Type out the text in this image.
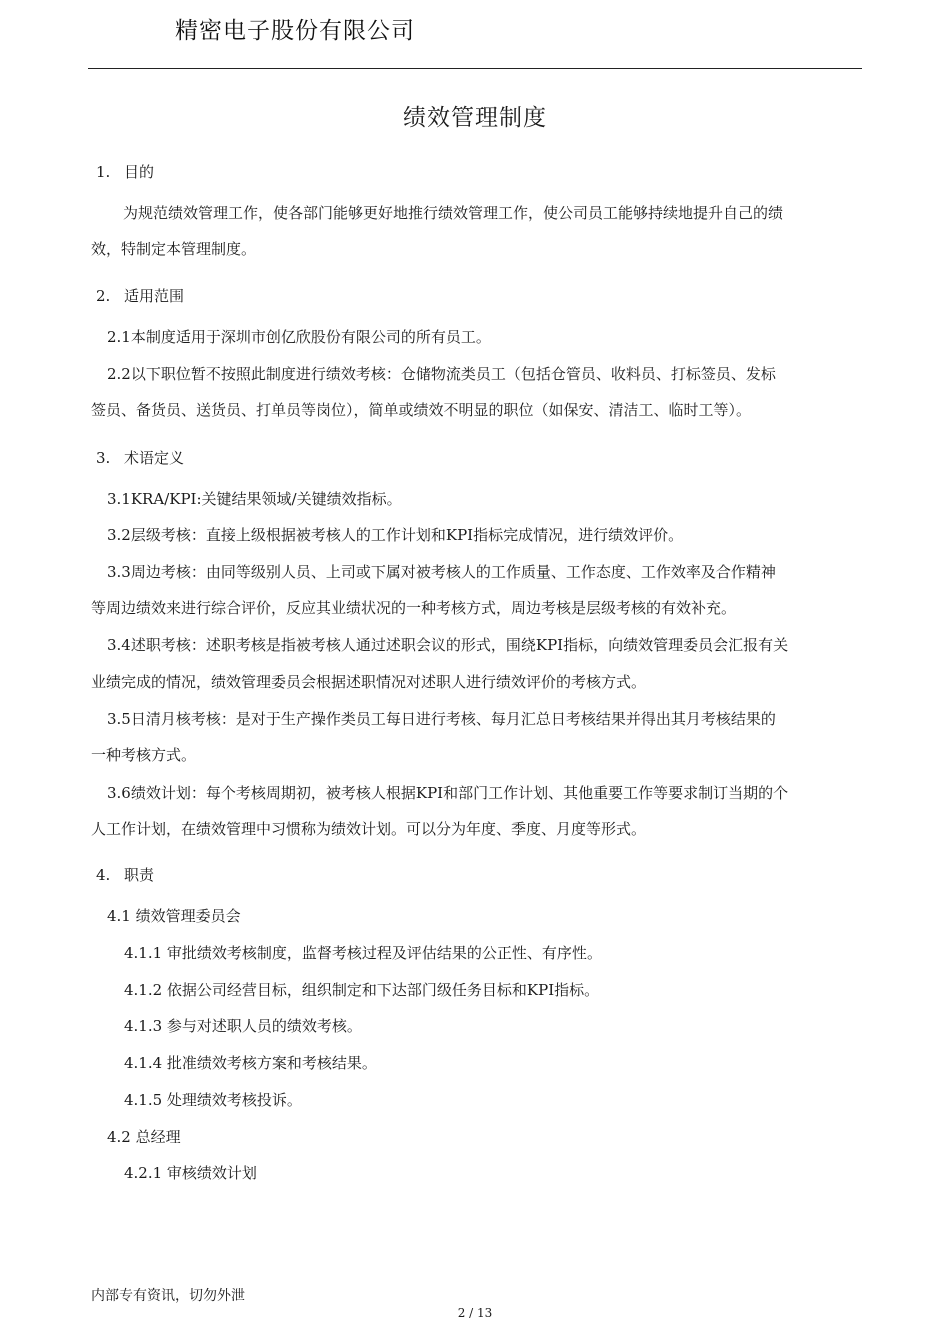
精密电子股份有限公司
绩效管理制度
1. 目的
为规范绩效管理工作，使各部门能够更好地推行绩效管理工作，使公司员工能够持续地提升自己的绩
效，特制定本管理制度。
2. 适用范围
2.1本制度适用于深圳市创亿欣股份有限公司的所有员工。
2.2以下职位暂不按照此制度进行绩效考核：仓储物流类员工（包括仓管员、收料员、打标签员、发标
签员、备货员、送货员、打单员等岗位），简单或绩效不明显的职位（如保安、清洁工、临时工等）。
3. 术语定义
3.1KRA/KPI:关键结果领域/关键绩效指标。
3.2层级考核：直接上级根据被考核人的工作计划和KPI指标完成情况，进行绩效评价。
3.3周边考核：由同等级别人员、上司或下属对被考核人的工作质量、工作态度、工作效率及合作精神
等周边绩效来进行综合评价，反应其业绩状况的一种考核方式，周边考核是层级考核的有效补充。
3.4述职考核：述职考核是指被考核人通过述职会议的形式，围绕KPI指标，向绩效管理委员会汇报有关
业绩完成的情况，绩效管理委员会根据述职情况对述职人进行绩效评价的考核方式。
3.5日清月核考核：是对于生产操作类员工每日进行考核、每月汇总日考核结果并得出其月考核结果的
一种考核方式。
3.6绩效计划：每个考核周期初，被考核人根据KPI和部门工作计划、其他重要工作等要求制订当期的个
人工作计划，在绩效管理中习惯称为绩效计划。可以分为年度、季度、月度等形式。
4. 职责
4.1 绩效管理委员会
4.1.1 审批绩效考核制度，监督考核过程及评估结果的公正性、有序性。
4.1.2 依据公司经营目标，组织制定和下达部门级任务目标和KPI指标。
4.1.3 参与对述职人员的绩效考核。
4.1.4 批准绩效考核方案和考核结果。
4.1.5 处理绩效考核投诉。
4.2 总经理
4.2.1 审核绩效计划
内部专有资讯，切勿外泄
2 / 13
